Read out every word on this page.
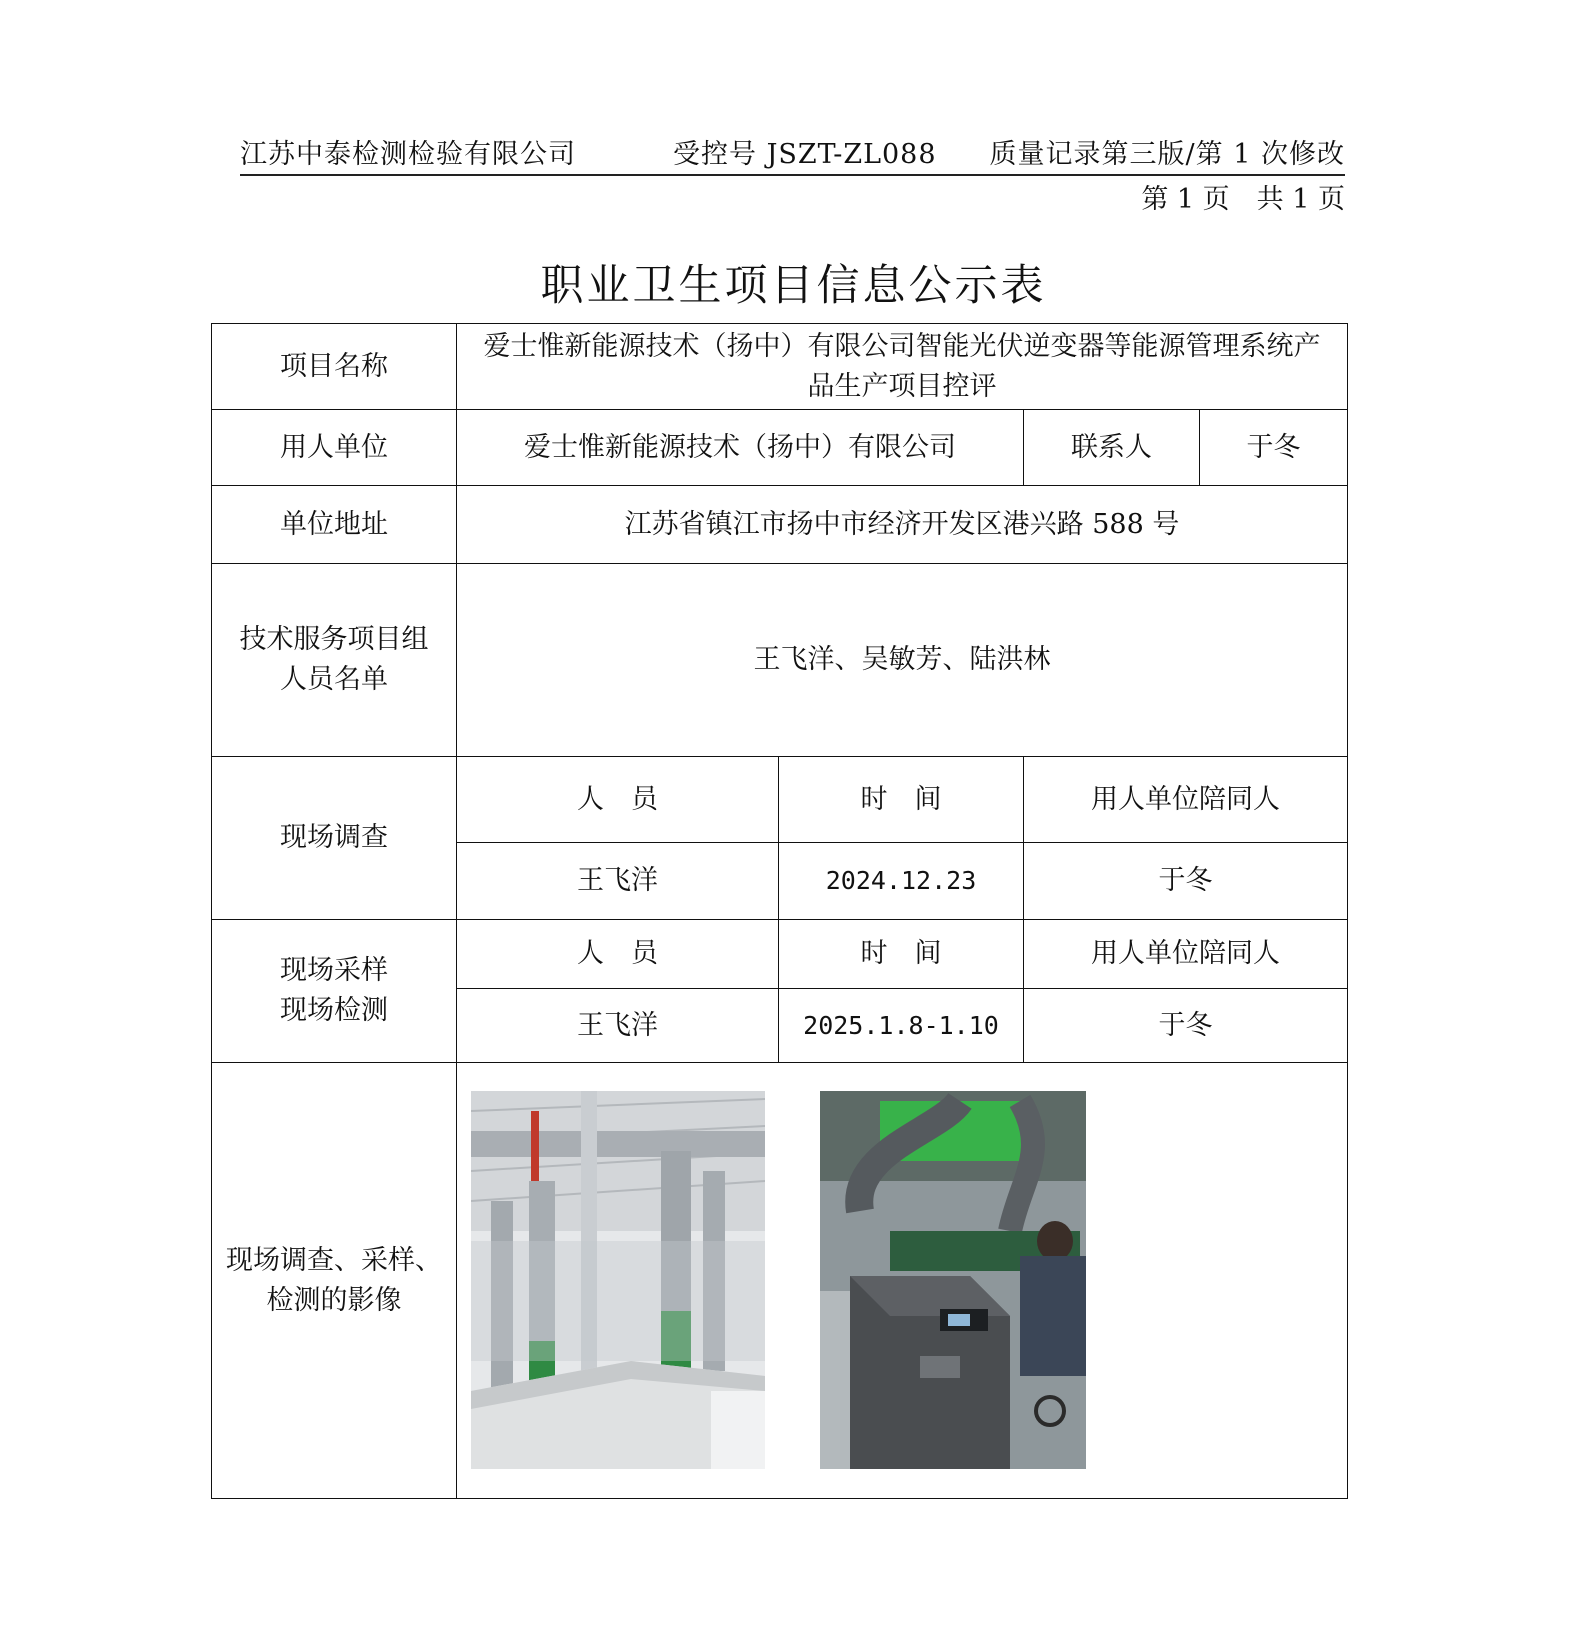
江苏中泰检测检验有限公司	受控号 JSZT-ZL088 质量记录第三版/第 1 次修改
第 1 页　共 1 页
职业卫生项目信息公示表
项目名称	爱士惟新能源技术（扬中）有限公司智能光伏逆变器等能源管理系统产
品生产项目控评			

用人单位	爱士惟新能源技术（扬中）有限公司		联系人	于冬
单位地址	江苏省镇江市扬中市经济开发区港兴路 588 号			

技术服务项目组
人员名单	王飞洋、吴敏芳、陆洪林			
现场调查	人　员	时　间	用人单位陪同人	
	王飞洋	2024.12.23	于冬	

现场采样
现场检测	人　员	时　间	用人单位陪同人	
	王飞洋	2025.1.8-1.10	于冬	

现场调查、采样、
检测的影像
